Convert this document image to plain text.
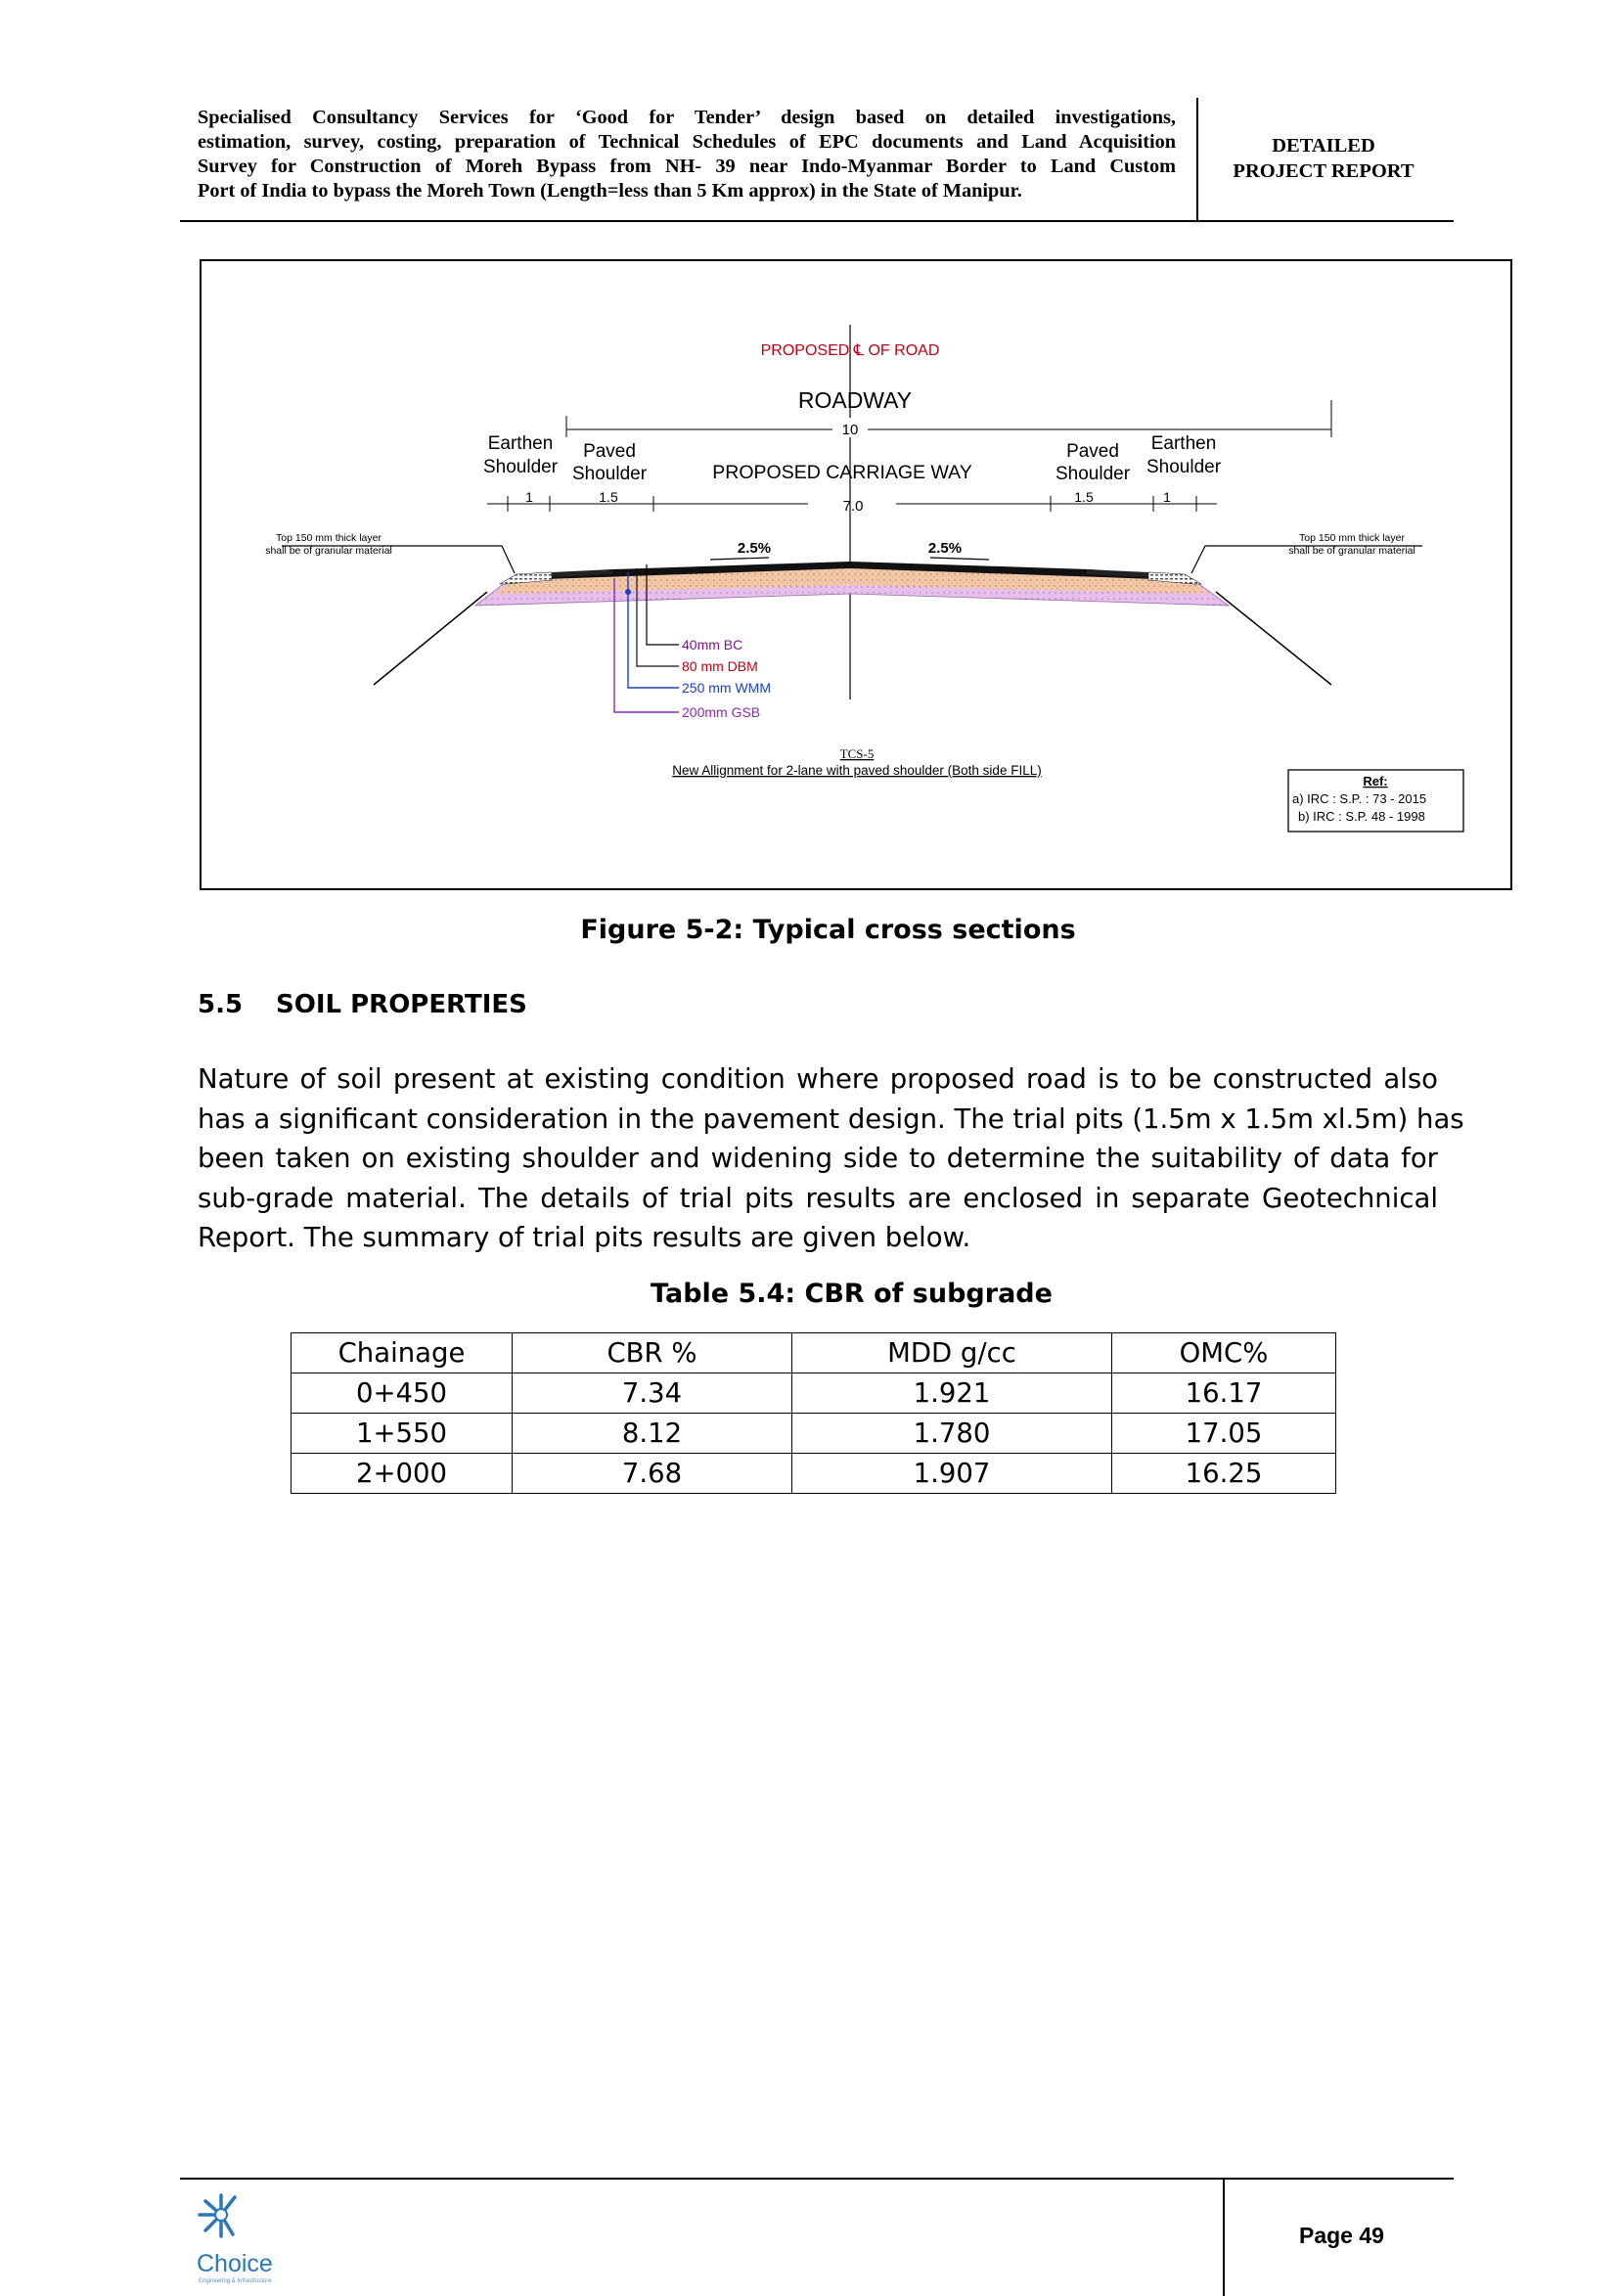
Specialised Consultancy Services for ‘Good for Tender’ design based on detailed investigations,
estimation, survey, costing, preparation of Technical Schedules of EPC documents and Land Acquisition
Survey for Construction of Moreh Bypass from NH- 39 near Indo-Myanmar Border to Land Custom
Port of India to bypass the Moreh Town (Length=less than 5 Km approx) in the State of Manipur.
DETAILED
PROJECT REPORT
PROPOSED ℄ OF ROAD
ROADWAY
10
Earthen
Shoulder
Paved
Shoulder	PROPOSED CARRIAGE WAY
Paved
Shoulder
Earthen
Shoulder
1	1.5
7.0
1.5	1
2.5%	2.5%
Top 150 mm thick layer
shall be of granular material
Top 150 mm thick layer
shall be of granular material
40mm BC
80 mm DBM
250 mm WMM
200mm GSB
TCS-5
New Allignment for 2-lane with paved shoulder (Both side FILL)
Ref:
a) IRC : S.P. : 73 - 2015
b) IRC : S.P. 48 - 1998
Figure 5-2: Typical cross sections
5.5 SOIL PROPERTIES
Nature of soil present at existing condition where proposed road is to be constructed also
has a significant consideration in the pavement design. The trial pits (1.5m x 1.5m xl.5m) has
been taken on existing shoulder and widening side to determine the suitability of data for
sub-grade material. The details of trial pits results are enclosed in separate Geotechnical
Report. The summary of trial pits results are given below.
Table 5.4: CBR of subgrade
Chainage	CBR %	MDD g/cc	OMC%
0+450	7.34	1.921	16.17
1+550	8.12	1.780	17.05
2+000	7.68	1.907	16.25
Choice
Engineering & Infrastructure
Page 49
